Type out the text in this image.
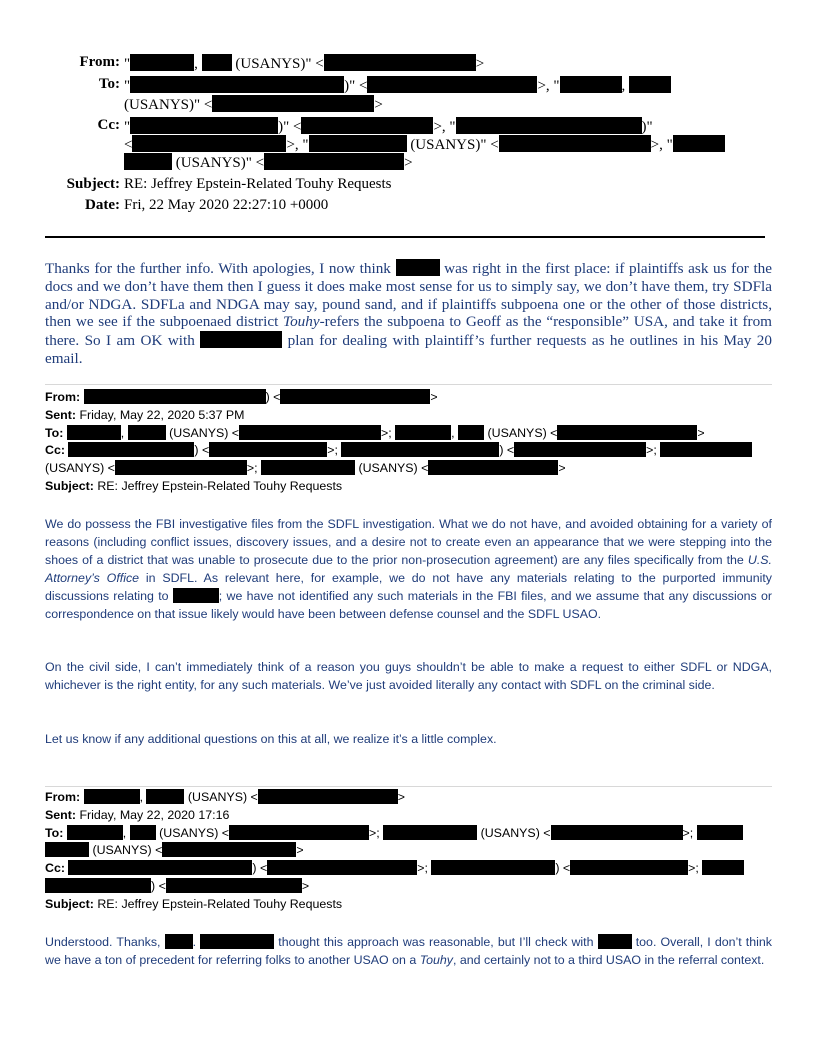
From: "	,  (USANYS)" <	>
To: "	)" <	>, "	,
(USANYS)" <	>
Cc: "	)" <	>, "	)"
<	>, "	(USANYS)" <	>, "
(USANYS)" <	>
Subject: RE: Jeffrey Epstein-Related Touhy Requests
Date: Fri, 22 May 2020 22:27:10 +0000
Thanks for the further info. With apologies, I now think	was right in the first place: if plaintiffs ask us for the docs and we don’t have them then I guess it does make most sense for us to simply say, we don’t have them, try SDFla and/or NDGA. SDFLa and NDGA may say, pound sand, and if plaintiffs subpoena one or the other of those districts, then we see if the subpoenaed district Touhy-refers the subpoena to Geoff as the “responsible” USA, and take it from there. So I am OK with	plan for dealing with plaintiff’s further requests as he outlines in his May 20 email.
From:	) <	>
Sent: Friday, May 22, 2020 5:37 PM
To:	,	(USANYS) <	>;	,  (USANYS) <	>
Cc:	) <	>;	) <	>;
(USANYS) <	>;	(USANYS) <	>
Subject: RE: Jeffrey Epstein-Related Touhy Requests
We do possess the FBI investigative files from the SDFL investigation. What we do not have, and avoided obtaining for a variety of reasons (including conflict issues, discovery issues, and a desire not to create even an appearance that we were stepping into the shoes of a district that was unable to prosecute due to the prior non-prosecution agreement) are any files specifically from the U.S. Attorney’s Office in SDFL. As relevant here, for example, we do not have any materials relating to the purported immunity discussions relating to	; we have not identified any such materials in the FBI files, and we assume that any discussions or correspondence on that issue likely would have been between defense counsel and the SDFL USAO.
On the civil side, I can’t immediately think of a reason you guys shouldn’t be able to make a request to either SDFL or NDGA, whichever is the right entity, for any such materials. We’ve just avoided literally any contact with SDFL on the criminal side.
Let us know if any additional questions on this at all, we realize it’s a little complex.
From:	,	(USANYS) <	>
Sent: Friday, May 22, 2020 17:16
To:	,  (USANYS) <	>;	(USANYS) <	>;
(USANYS) <	>
Cc:	) <	>;	) <	>;
) <	>
Subject: RE: Jeffrey Epstein-Related Touhy Requests
Understood. Thanks,	.	thought this approach was reasonable, but I’ll check with	too. Overall, I don’t think we have a ton of precedent for referring folks to another USAO on a Touhy, and certainly not to a third USAO in the referral context.
